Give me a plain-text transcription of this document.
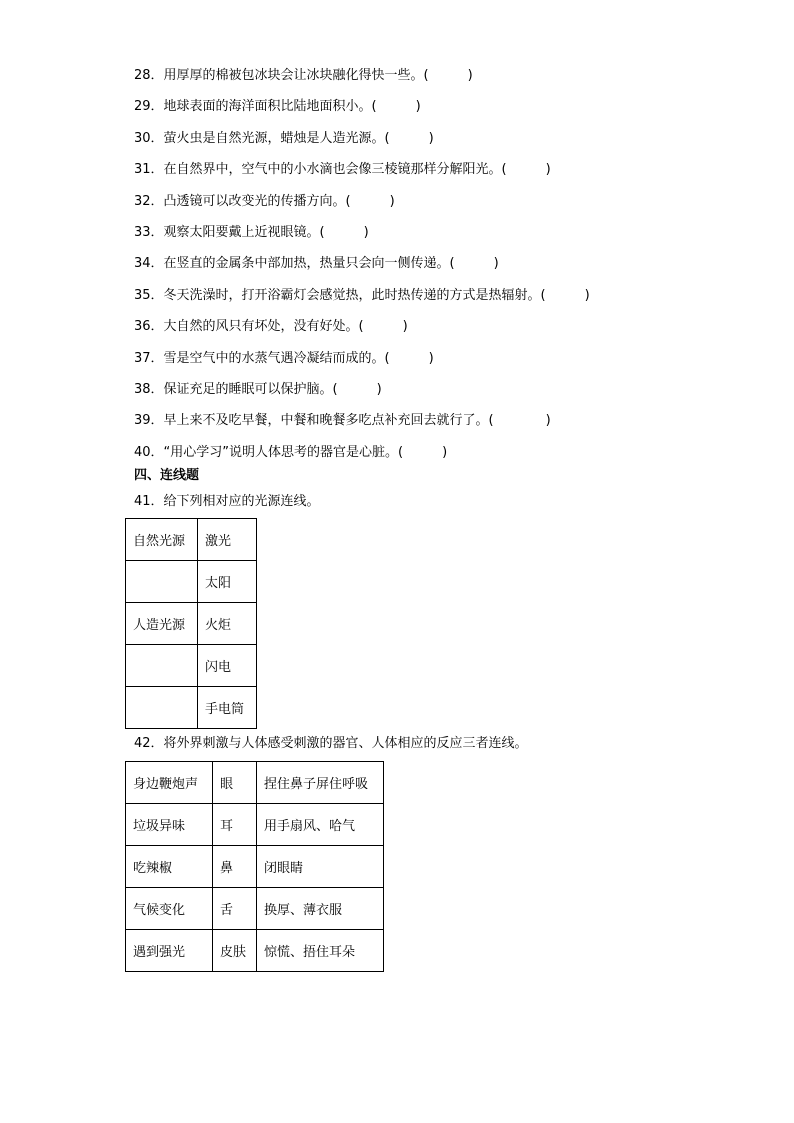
28．用厚厚的棉被包冰块会让冰块融化得快一些。(　　　)
29．地球表面的海洋面积比陆地面积小。(　　　)
30．萤火虫是自然光源，蜡烛是人造光源。(　　　)
31．在自然界中，空气中的小水滴也会像三棱镜那样分解阳光。(　　　)
32．凸透镜可以改变光的传播方向。(　　　)
33．观察太阳要戴上近视眼镜。(　　　)
34．在竖直的金属条中部加热，热量只会向一侧传递。(　　　)
35．冬天洗澡时，打开浴霸灯会感觉热，此时热传递的方式是热辐射。(　　　)
36．大自然的风只有坏处，没有好处。(　　　)
37．雪是空气中的水蒸气遇冷凝结而成的。(　　　)
38．保证充足的睡眠可以保护脑。(　　　)
39．早上来不及吃早餐，中餐和晚餐多吃点补充回去就行了。(　　　　)
40．“用心学习”说明人体思考的器官是心脏。(　　　)
四、连线题
41．给下列相对应的光源连线。
自然光源	激光
	太阳
人造光源	火炬
	闪电
	手电筒
42．将外界刺激与人体感受刺激的器官、人体相应的反应三者连线。
身边鞭炮声	眼	捏住鼻子屏住呼吸
垃圾异味	耳	用手扇风、哈气
吃辣椒	鼻	闭眼睛
气候变化	舌	换厚、薄衣服
遇到强光	皮肤	惊慌、捂住耳朵
